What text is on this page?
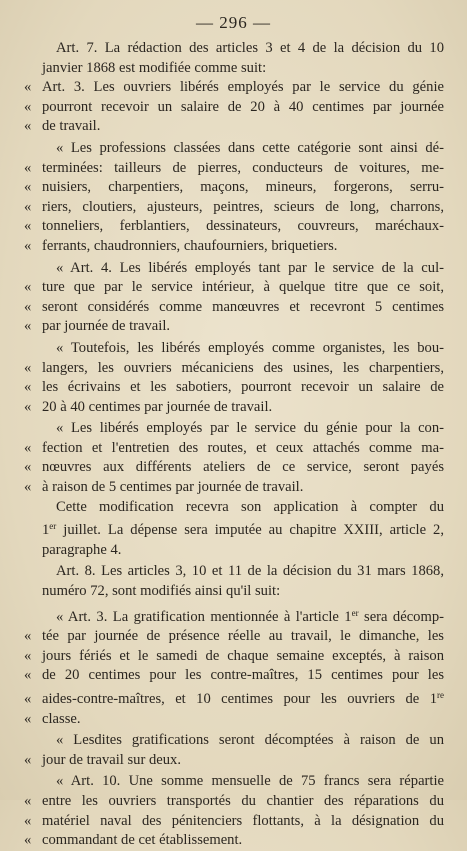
— 296 —
Art. 7. La rédaction des articles 3 et 4 de la décision du 10
janvier 1868 est modifiée comme suit:
« Art. 3. Les ouvriers libérés employés par le service du génie
« pourront recevoir un salaire de 20 à 40 centimes par journée
« de travail.
« Les professions classées dans cette catégorie sont ainsi dé-
« terminées: tailleurs de pierres, conducteurs de voitures, me-
« nuisiers, charpentiers, maçons, mineurs, forgerons, serru-
« riers, cloutiers, ajusteurs, peintres, scieurs de long, charrons,
« tonneliers, ferblantiers, dessinateurs, couvreurs, maréchaux-
« ferrants, chaudronniers, chaufourniers, briquetiers.
« Art. 4. Les libérés employés tant par le service de la cul-
« ture que par le service intérieur, à quelque titre que ce soit,
« seront considérés comme manœuvres et recevront 5 centimes
« par journée de travail.
« Toutefois, les libérés employés comme organistes, les bou-
« langers, les ouvriers mécaniciens des usines, les charpentiers,
« les écrivains et les sabotiers, pourront recevoir un salaire de
« 20 à 40 centimes par journée de travail.
« Les libérés employés par le service du génie pour la con-
« fection et l'entretien des routes, et ceux attachés comme ma-
« nœuvres aux différents ateliers de ce service, seront payés
« à raison de 5 centimes par journée de travail.
Cette modification recevra son application à compter du
1er juillet. La dépense sera imputée au chapitre XXIII, article 2,
paragraphe 4.
Art. 8. Les articles 3, 10 et 11 de la décision du 31 mars 1868,
numéro 72, sont modifiés ainsi qu'il suit:
« Art. 3. La gratification mentionnée à l'article 1er sera décomp-
« tée par journée de présence réelle au travail, le dimanche, les
« jours fériés et le samedi de chaque semaine exceptés, à raison
« de 20 centimes pour les contre-maîtres, 15 centimes pour les
« aides-contre-maîtres, et 10 centimes pour les ouvriers de 1re
« classe.
« Lesdites gratifications seront décomptées à raison de un
« jour de travail sur deux.
« Art. 10. Une somme mensuelle de 75 francs sera répartie
« entre les ouvriers transportés du chantier des réparations du
« matériel naval des pénitenciers flottants, à la désignation du
« commandant de cet établissement.
